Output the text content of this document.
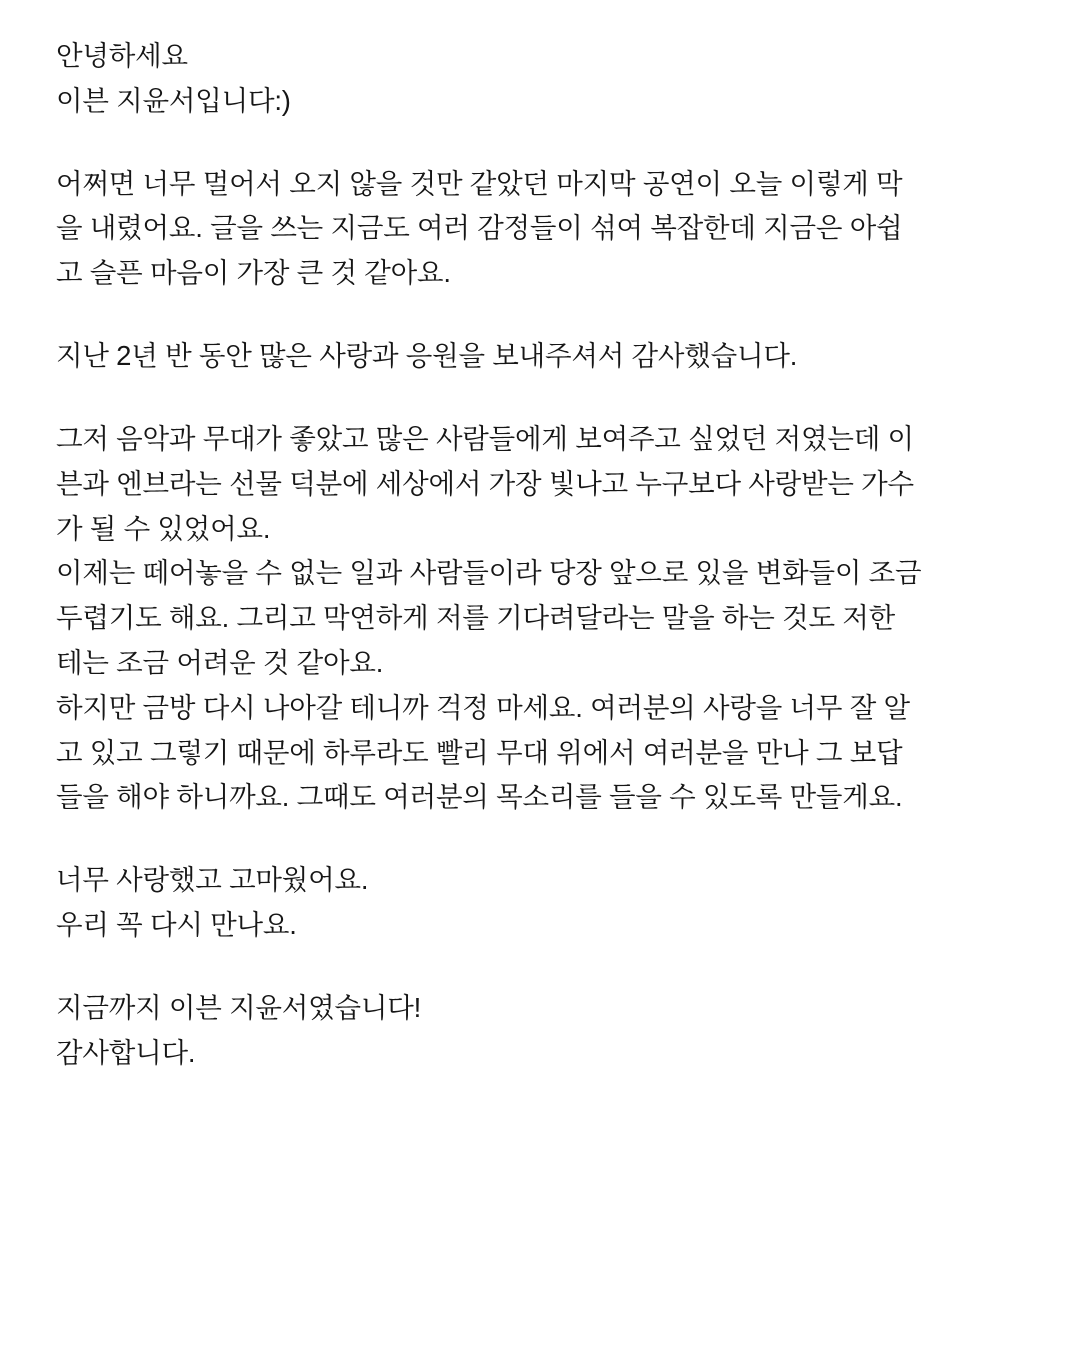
안녕하세요
이븐 지윤서입니다:)

어쩌면 너무 멀어서 오지 않을 것만 같았던 마지막 공연이 오늘 이렇게 막
을 내렸어요. 글을 쓰는 지금도 여러 감정들이 섞여 복잡한데 지금은 아쉽
고 슬픈 마음이 가장 큰 것 같아요.

지난 2년 반 동안 많은 사랑과 응원을 보내주셔서 감사했습니다.

그저 음악과 무대가 좋았고 많은 사람들에게 보여주고 싶었던 저였는데 이
븐과 엔브라는 선물 덕분에 세상에서 가장 빛나고 누구보다 사랑받는 가수
가 될 수 있었어요.
이제는 떼어놓을 수 없는 일과 사람들이라 당장 앞으로 있을 변화들이 조금
두렵기도 해요. 그리고 막연하게 저를 기다려달라는 말을 하는 것도 저한
테는 조금 어려운 것 같아요.
하지만 금방 다시 나아갈 테니까 걱정 마세요. 여러분의 사랑을 너무 잘 알
고 있고 그렇기 때문에 하루라도 빨리 무대 위에서 여러분을 만나 그 보답
들을 해야 하니까요. 그때도 여러분의 목소리를 들을 수 있도록 만들게요.

너무 사랑했고 고마웠어요.
우리 꼭 다시 만나요.

지금까지 이븐 지윤서였습니다!
감사합니다.
